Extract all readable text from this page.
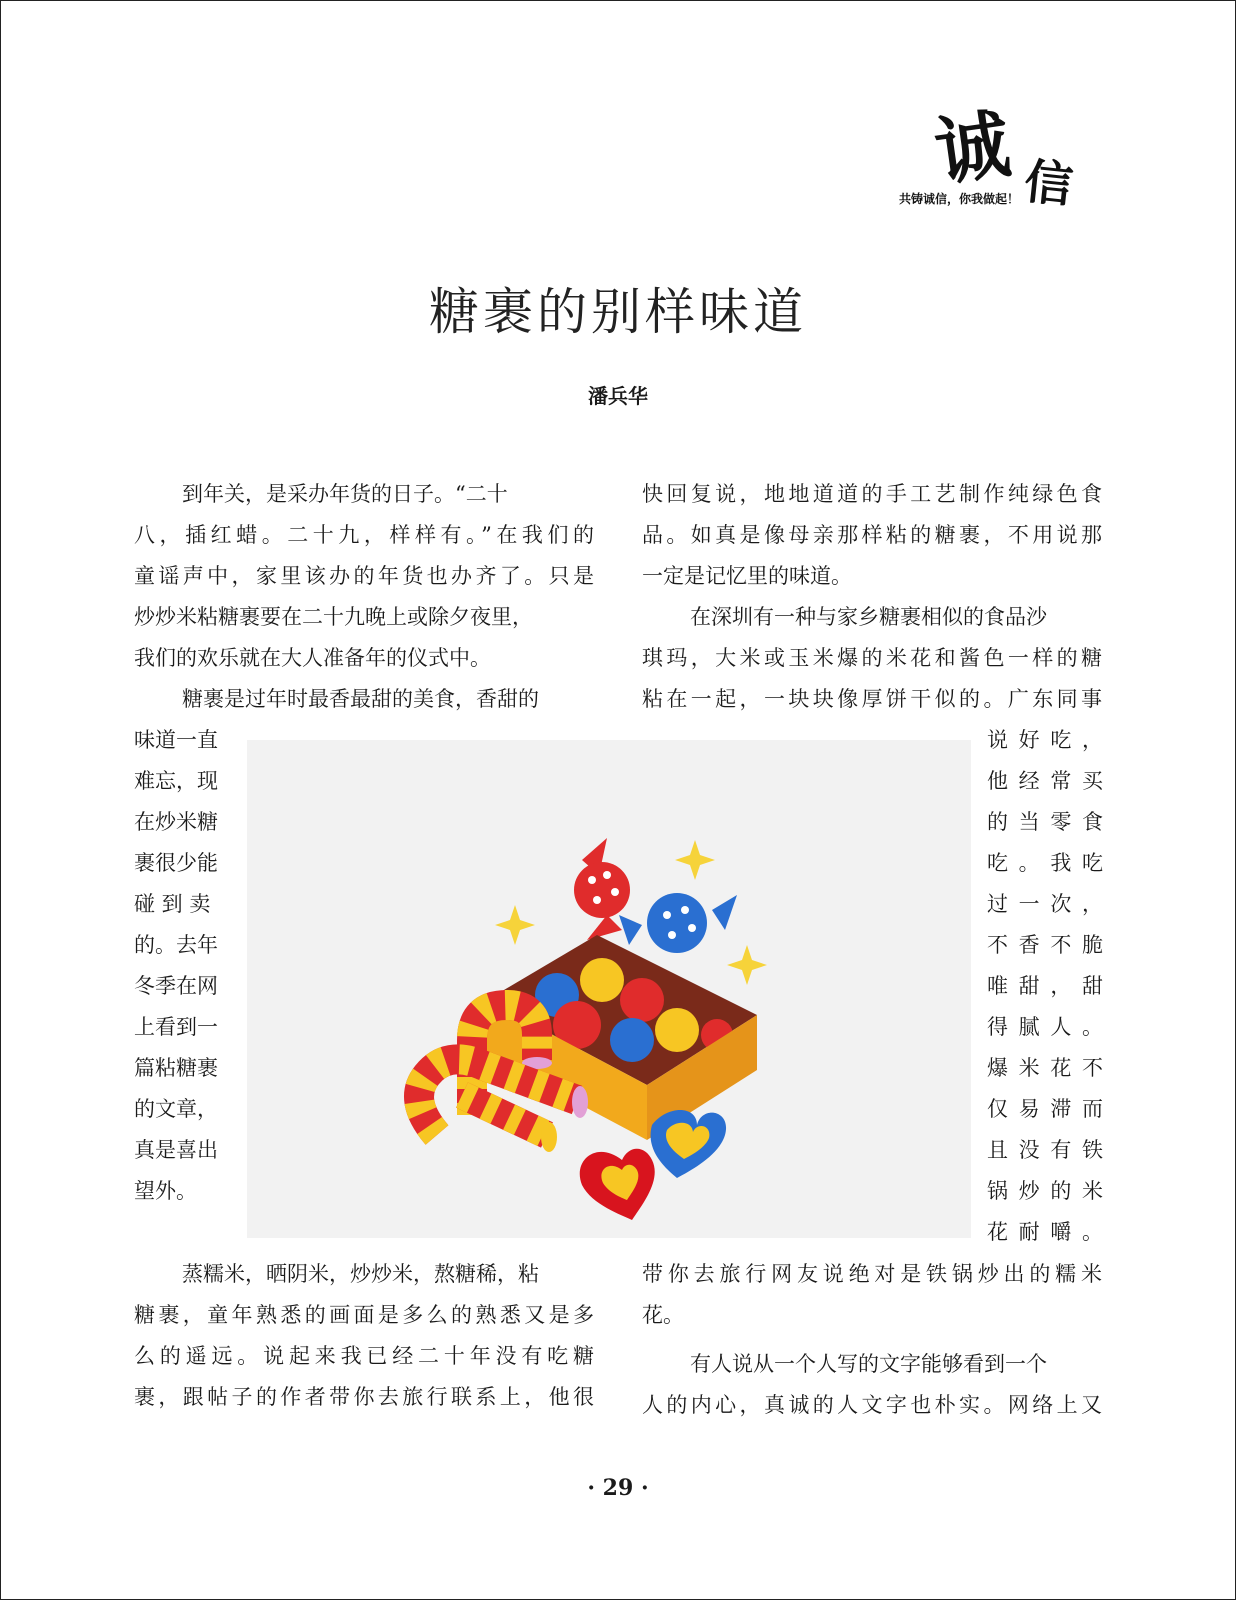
诚 信
共铸诚信，你我做起！
糖裹的别样味道
潘兵华
到年关，是采办年货的日子。“二十
八，插红蜡。二十九，样样有。”在我们的
童谣声中，家里该办的年货也办齐了。只是
炒炒米粘糖裹要在二十九晚上或除夕夜里，
我们的欢乐就在大人准备年的仪式中。
糖裹是过年时最香最甜的美食，香甜的
味道一直
难忘，现
在炒米糖
裹很少能
碰 到 卖
的。去年
冬季在网
上看到一
篇粘糖裹
的文章，
真是喜出
望外。
蒸糯米，晒阴米，炒炒米，熬糖稀，粘
糖裹，童年熟悉的画面是多么的熟悉又是多
么的遥远。说起来我已经二十年没有吃糖
裹，跟帖子的作者带你去旅行联系上，他很
快回复说，地地道道的手工艺制作纯绿色食
品。如真是像母亲那样粘的糖裹，不用说那
一定是记忆里的味道。
在深圳有一种与家乡糖裹相似的食品沙
琪玛，大米或玉米爆的米花和酱色一样的糖
粘在一起，一块块像厚饼干似的。广东同事
说好吃，
他经常买
的当零食
吃。我吃
过一次，
不香不脆
唯甜，甜
得腻人。
爆米花不
仅易滞而
且没有铁
锅炒的米
花耐嚼。
带你去旅行网友说绝对是铁锅炒出的糯米
花。
有人说从一个人写的文字能够看到一个
人的内心，真诚的人文字也朴实。网络上又
· 29 ·
